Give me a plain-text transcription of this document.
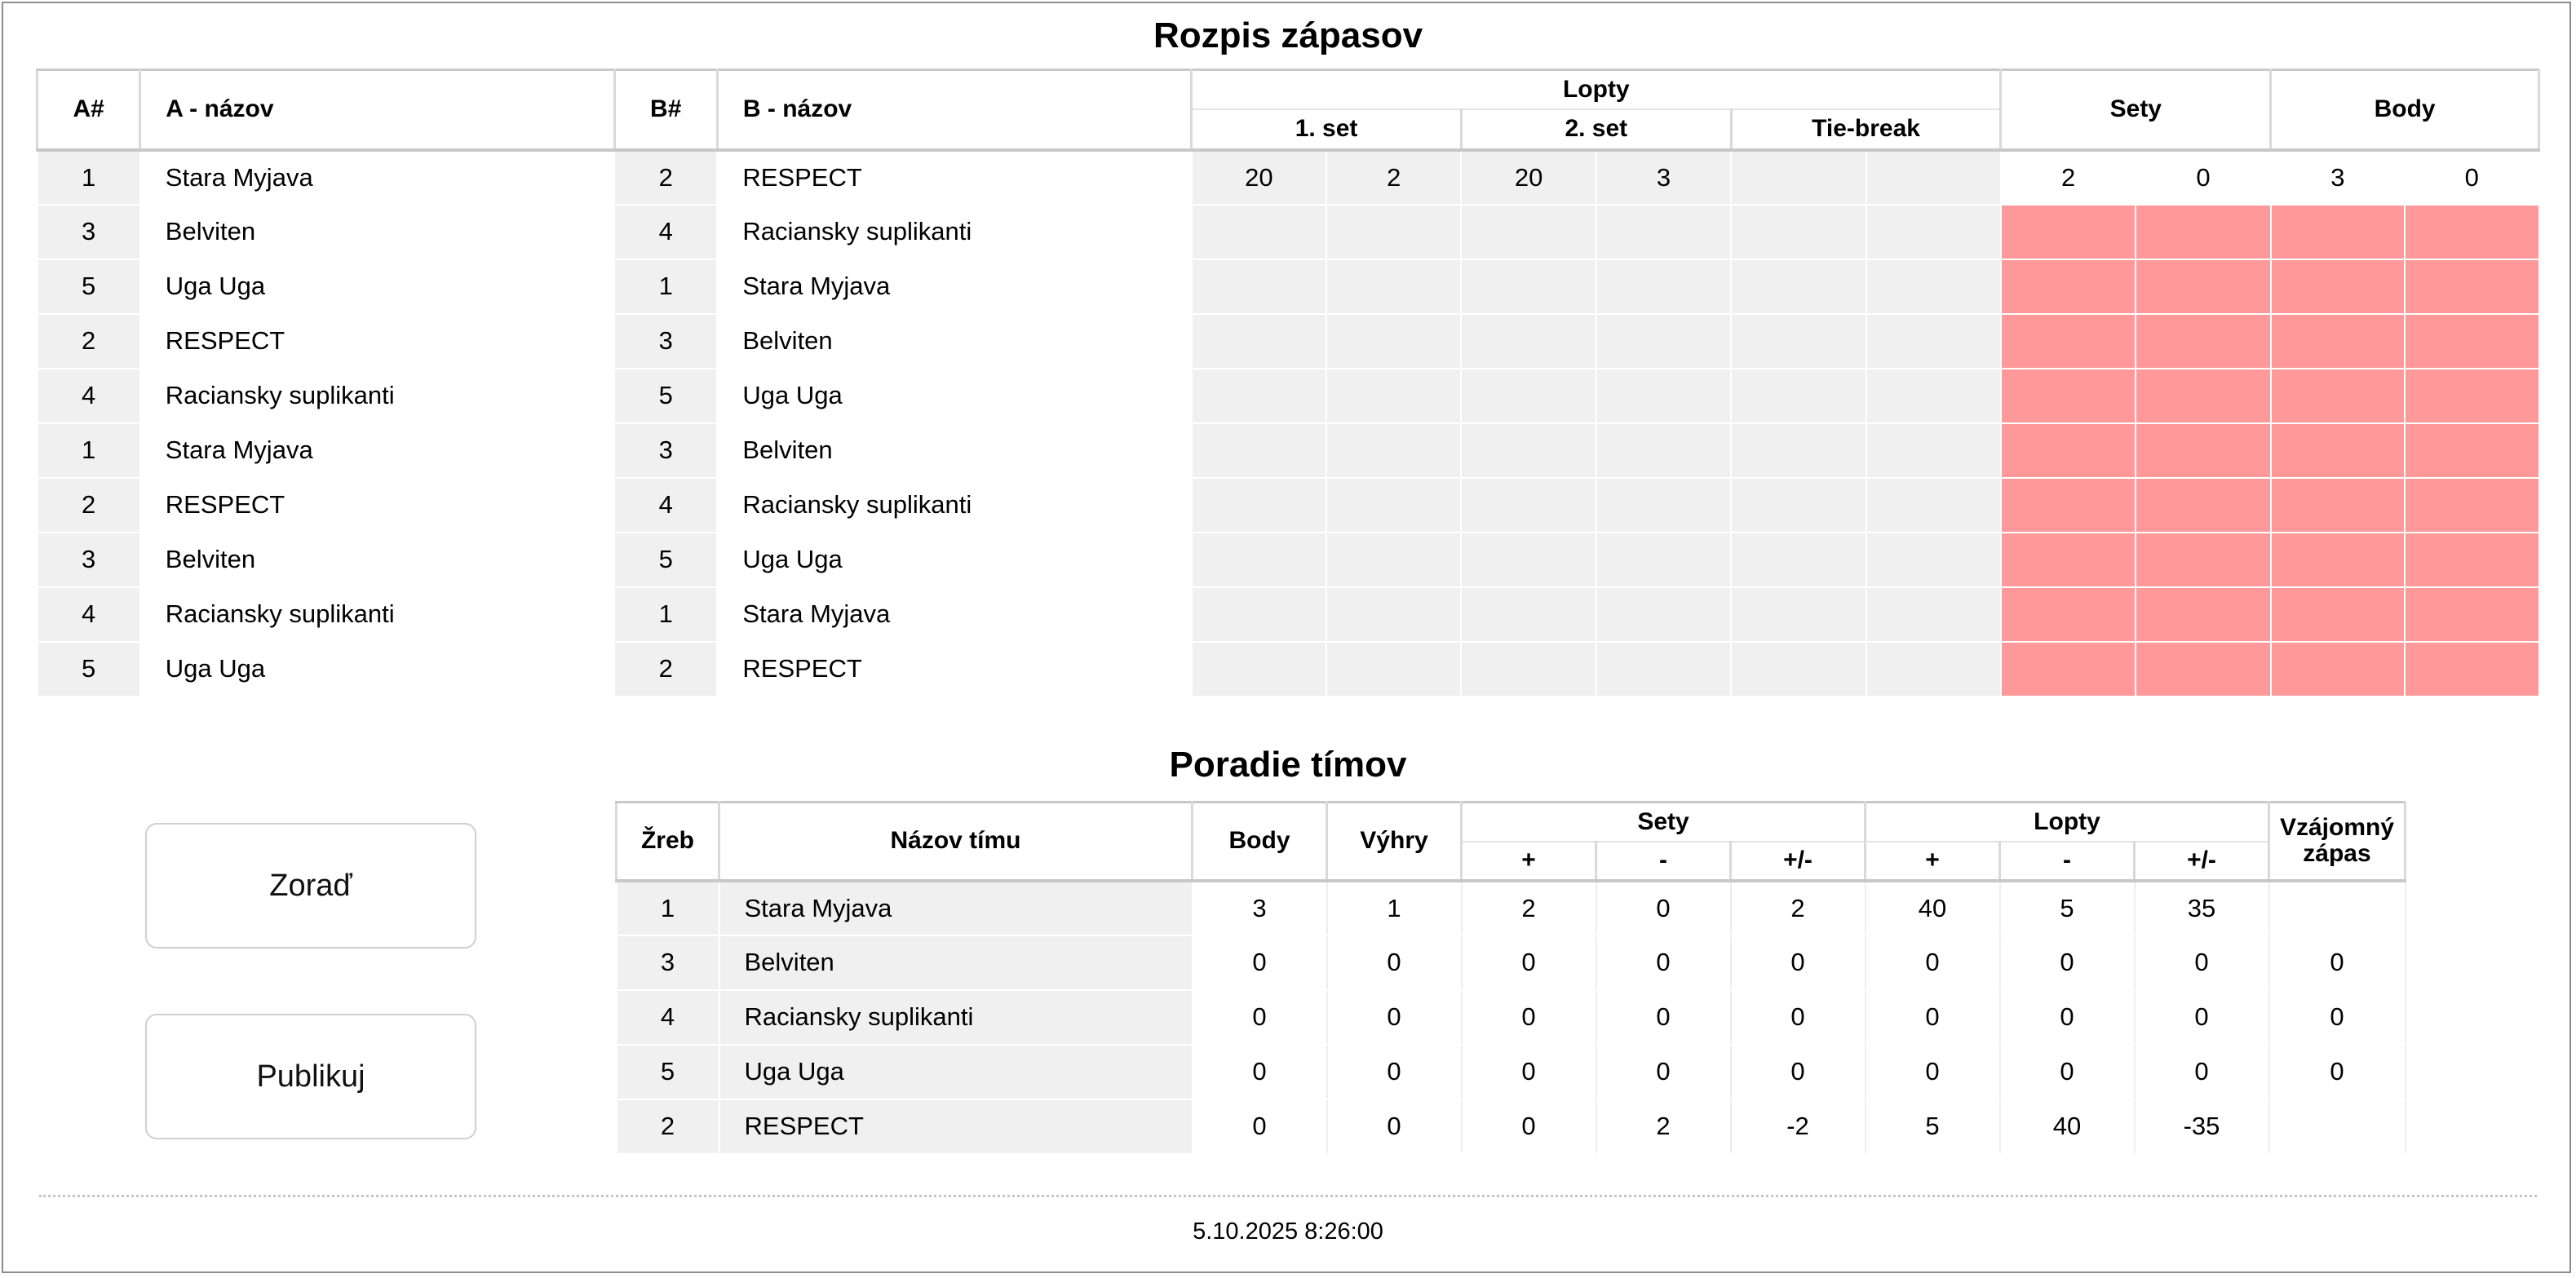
Rozpis zápasov
A#	A - názov	B#	B - názov	Lopty						Sety		Body	
				1. set		2. set		Tie-break					
1	Stara Myjava	2	RESPECT	20	2	20	3			2	0	3	0
3	Belviten	4	Raciansky suplikanti										
5	Uga Uga	1	Stara Myjava										
2	RESPECT	3	Belviten										
4	Raciansky suplikanti	5	Uga Uga										
1	Stara Myjava	3	Belviten										
2	RESPECT	4	Raciansky suplikanti										
3	Belviten	5	Uga Uga										
4	Raciansky suplikanti	1	Stara Myjava										
5	Uga Uga	2	RESPECT										
Zoraď
Publikuj
Poradie tímov
Žreb	Názov tímu	Body	Výhry	Sety			Lopty			Vzájomný zápas
				+	-	+/-	+	-	+/-	
1	Stara Myjava	3	1	2	0	2	40	5	35	
3	Belviten	0	0	0	0	0	0	0	0	0
4	Raciansky suplikanti	0	0	0	0	0	0	0	0	0
5	Uga Uga	0	0	0	0	0	0	0	0	0
2	RESPECT	0	0	0	2	-2	5	40	-35	
5.10.2025 8:26:00
